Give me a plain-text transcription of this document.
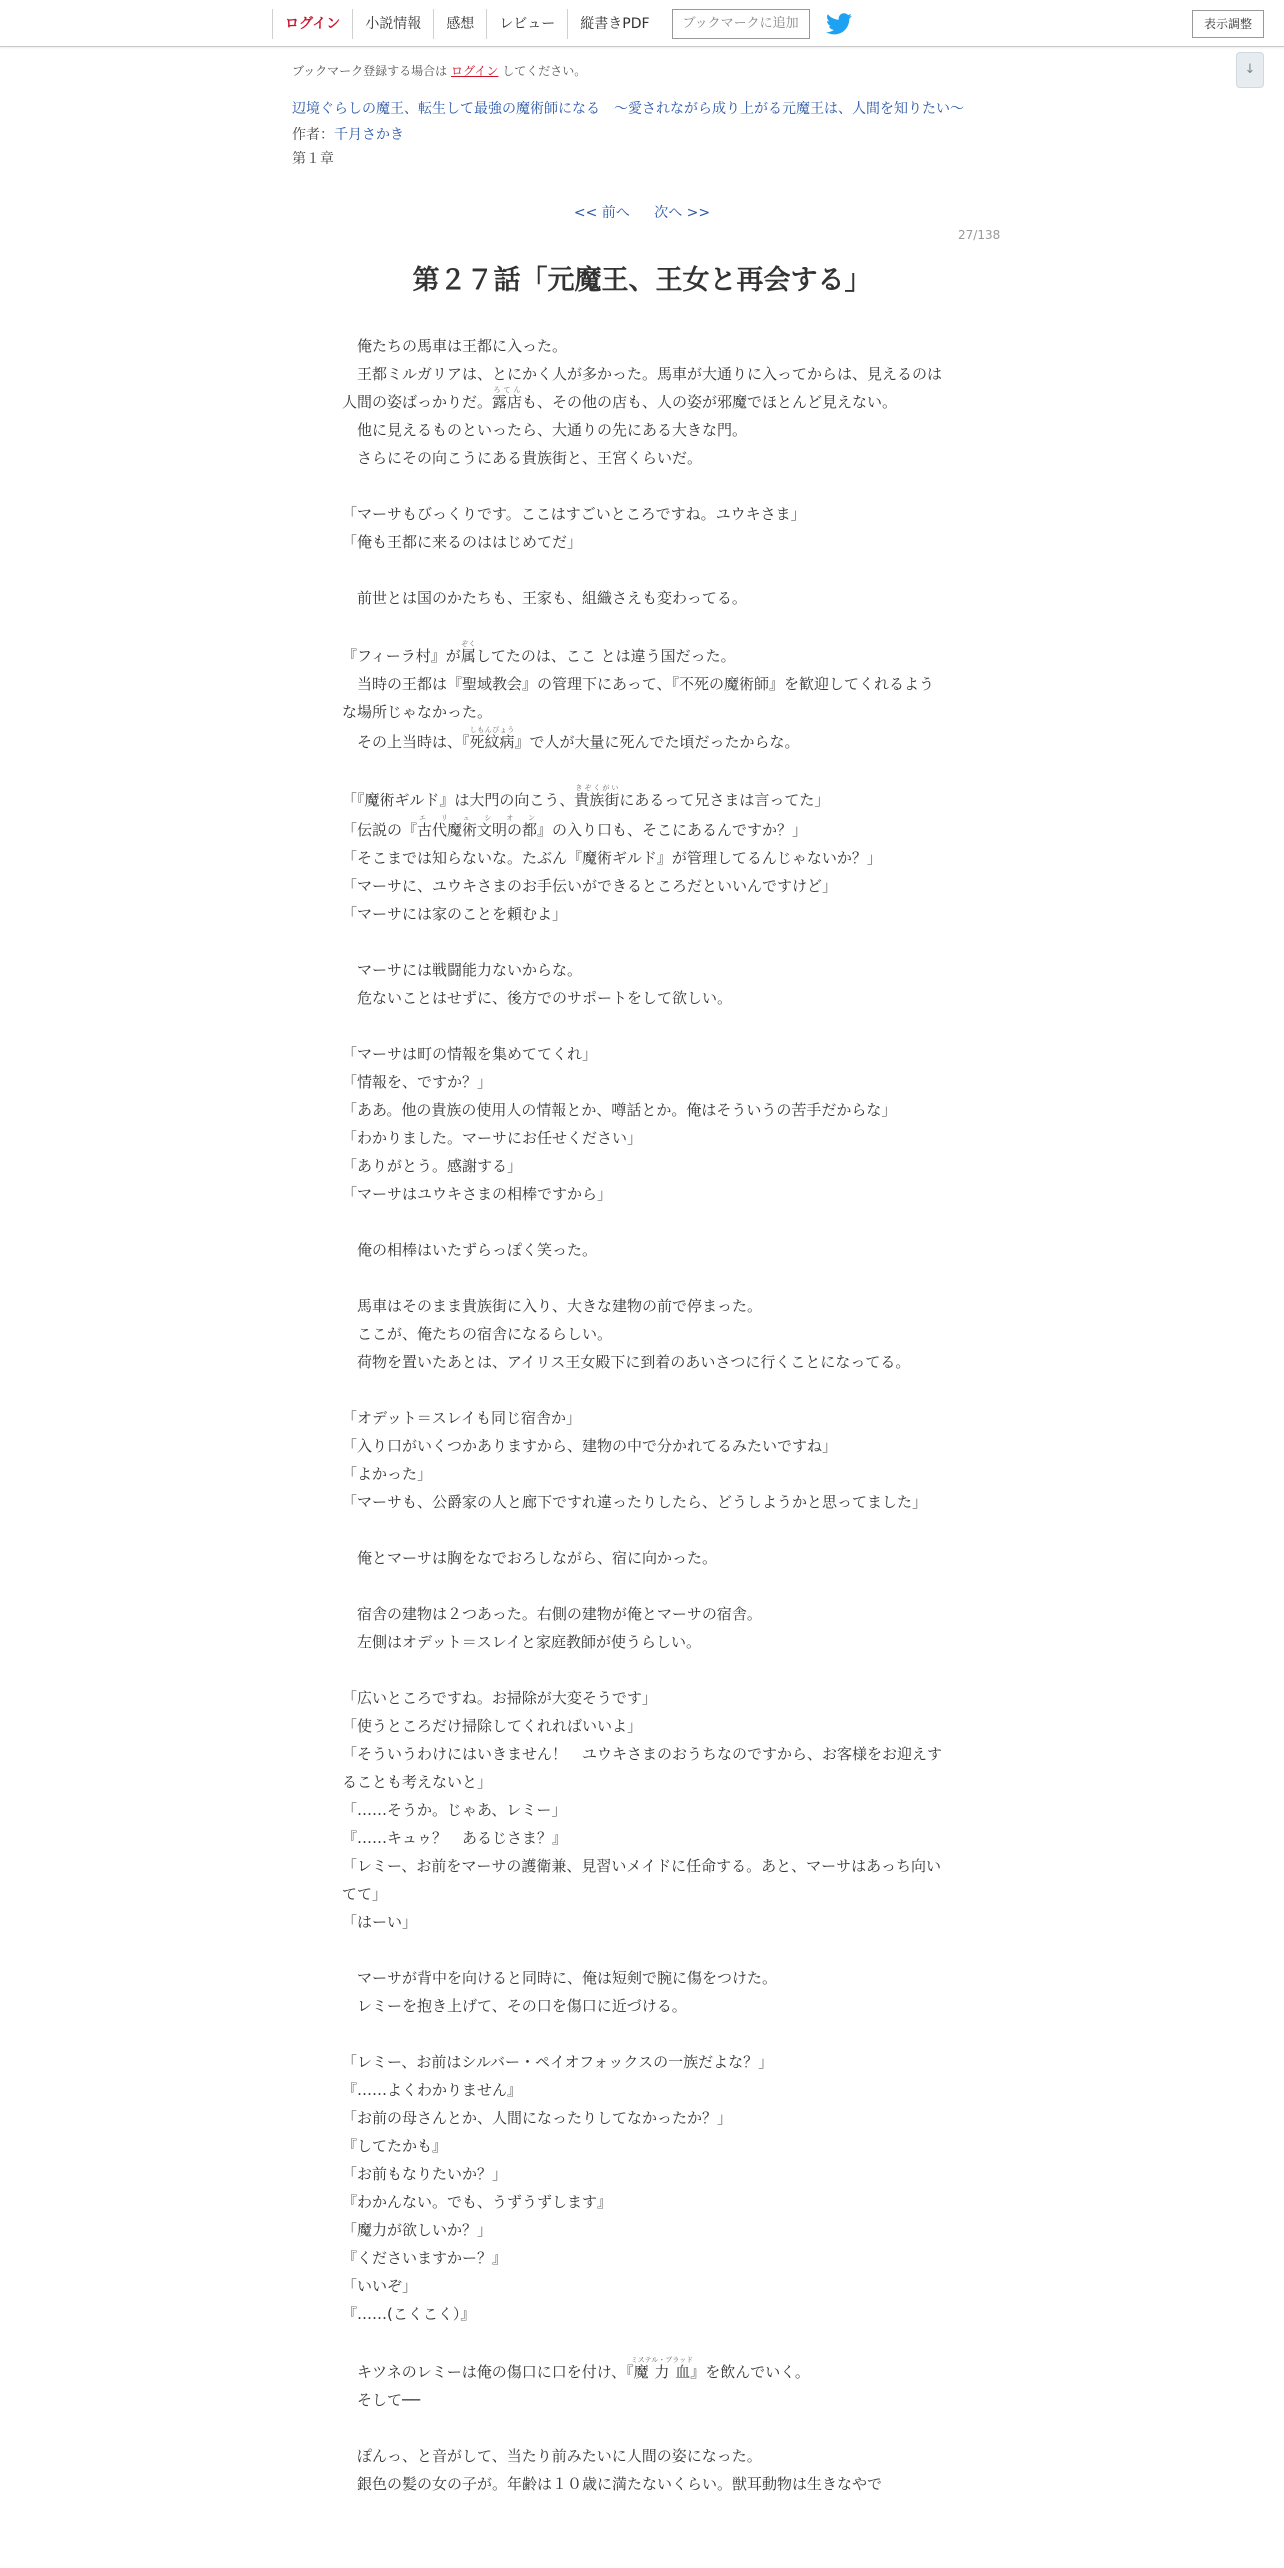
ログイン	小説情報	感想	レビュー	縦書きPDF	ブックマークに追加	表示調整
↓
ブックマーク登録する場合は ログイン してください。
辺境ぐらしの魔王、転生して最強の魔術師になる　〜愛されながら成り上がる元魔王は、人間を知りたい〜
作者：千月さかき
第１章
<< 前へ 次へ >>
27/138
第２７話「元魔王、王女と再会する」

　俺たちの馬車は王都に入った。

　王都ミルガリアは、とにかく人が多かった。馬車が大通りに入ってからは、見えるのは人間の姿ばっかりだ。露店ろてんも、その他の店も、人の姿が邪魔でほとんど見えない。

　他に見えるものといったら、大通りの先にある大きな門。

　さらにその向こうにある貴族街と、王宮くらいだ。

「マーサもびっくりです。ここはすごいところですね。ユウキさま」

「俺も王都に来るのははじめてだ」

　前世とは国のかたちも、王家も、組織さえも変わってる。

『フィーラ村』が属ぞくしてたのは、ここ とは違う国だった。

　当時の王都は『聖域教会』の管理下にあって、『不死の魔術師』を歓迎してくれるような場所じゃなかった。

　その上当時は、『死紋病しもんびょう』で人が大量に死んでた頃だったからな。

「『魔術ギルド』は大門の向こう、貴族街きぞくがいにあるって兄さまは言ってた」

「伝説の『古代魔術文明の都エ　リ　ュ　シ　オ　ン』の入り口も、そこにあるんですか？」

「そこまでは知らないな。たぶん『魔術ギルド』が管理してるんじゃないか？」

「マーサに、ユウキさまのお手伝いができるところだといいんですけど」

「マーサには家のことを頼むよ」

　マーサには戦闘能力ないからな。

　危ないことはせずに、後方でのサポートをして欲しい。

「マーサは町の情報を集めててくれ」

「情報を、ですか？」

「ああ。他の貴族の使用人の情報とか、噂話とか。俺はそういうの苦手だからな」

「わかりました。マーサにお任せください」

「ありがとう。感謝する」

「マーサはユウキさまの相棒ですから」

　俺の相棒はいたずらっぽく笑った。

　馬車はそのまま貴族街に入り、大きな建物の前で停まった。

　ここが、俺たちの宿舎になるらしい。

　荷物を置いたあとは、アイリス王女殿下に到着のあいさつに行くことになってる。

「オデット＝スレイも同じ宿舎か」

「入り口がいくつかありますから、建物の中で分かれてるみたいですね」

「よかった」

「マーサも、公爵家の人と廊下ですれ違ったりしたら、どうしようかと思ってました」

　俺とマーサは胸をなでおろしながら、宿に向かった。

　宿舎の建物は２つあった。右側の建物が俺とマーサの宿舎。

　左側はオデット＝スレイと家庭教師が使うらしい。

「広いところですね。お掃除が大変そうです」

「使うところだけ掃除してくれればいいよ」

「そういうわけにはいきません！　ユウキさまのおうちなのですから、お客様をお迎えすることも考えないと」

「……そうか。じゃあ、レミー」

『……キュゥ？　あるじさま？』

「レミー、お前をマーサの護衛兼、見習いメイドに任命する。あと、マーサはあっち向いてて」

「はーい」

　マーサが背中を向けると同時に、俺は短剣で腕に傷をつけた。

　レミーを抱き上げて、その口を傷口に近づける。

「レミー、お前はシルバー・ペイオフォックスの一族だよな？」

『……よくわかりません』

「お前の母さんとか、人間になったりしてなかったか？」

『してたかも』

「お前もなりたいか？」

『わかんない。でも、うずうずします』

「魔力が欲しいか？」

『くださいますかー？』

「いいぞ」

『……(こくこく）』

　キツネのレミーは俺の傷口に口を付け、『魔力血ミステル・ブラッド』を飲んでいく。

　そして──

　ぽんっ、と音がして、当たり前みたいに人間の姿になった。

　銀色の髪の女の子が。年齢は１０歳に満たないくらい。獣耳動物は生きなやで
